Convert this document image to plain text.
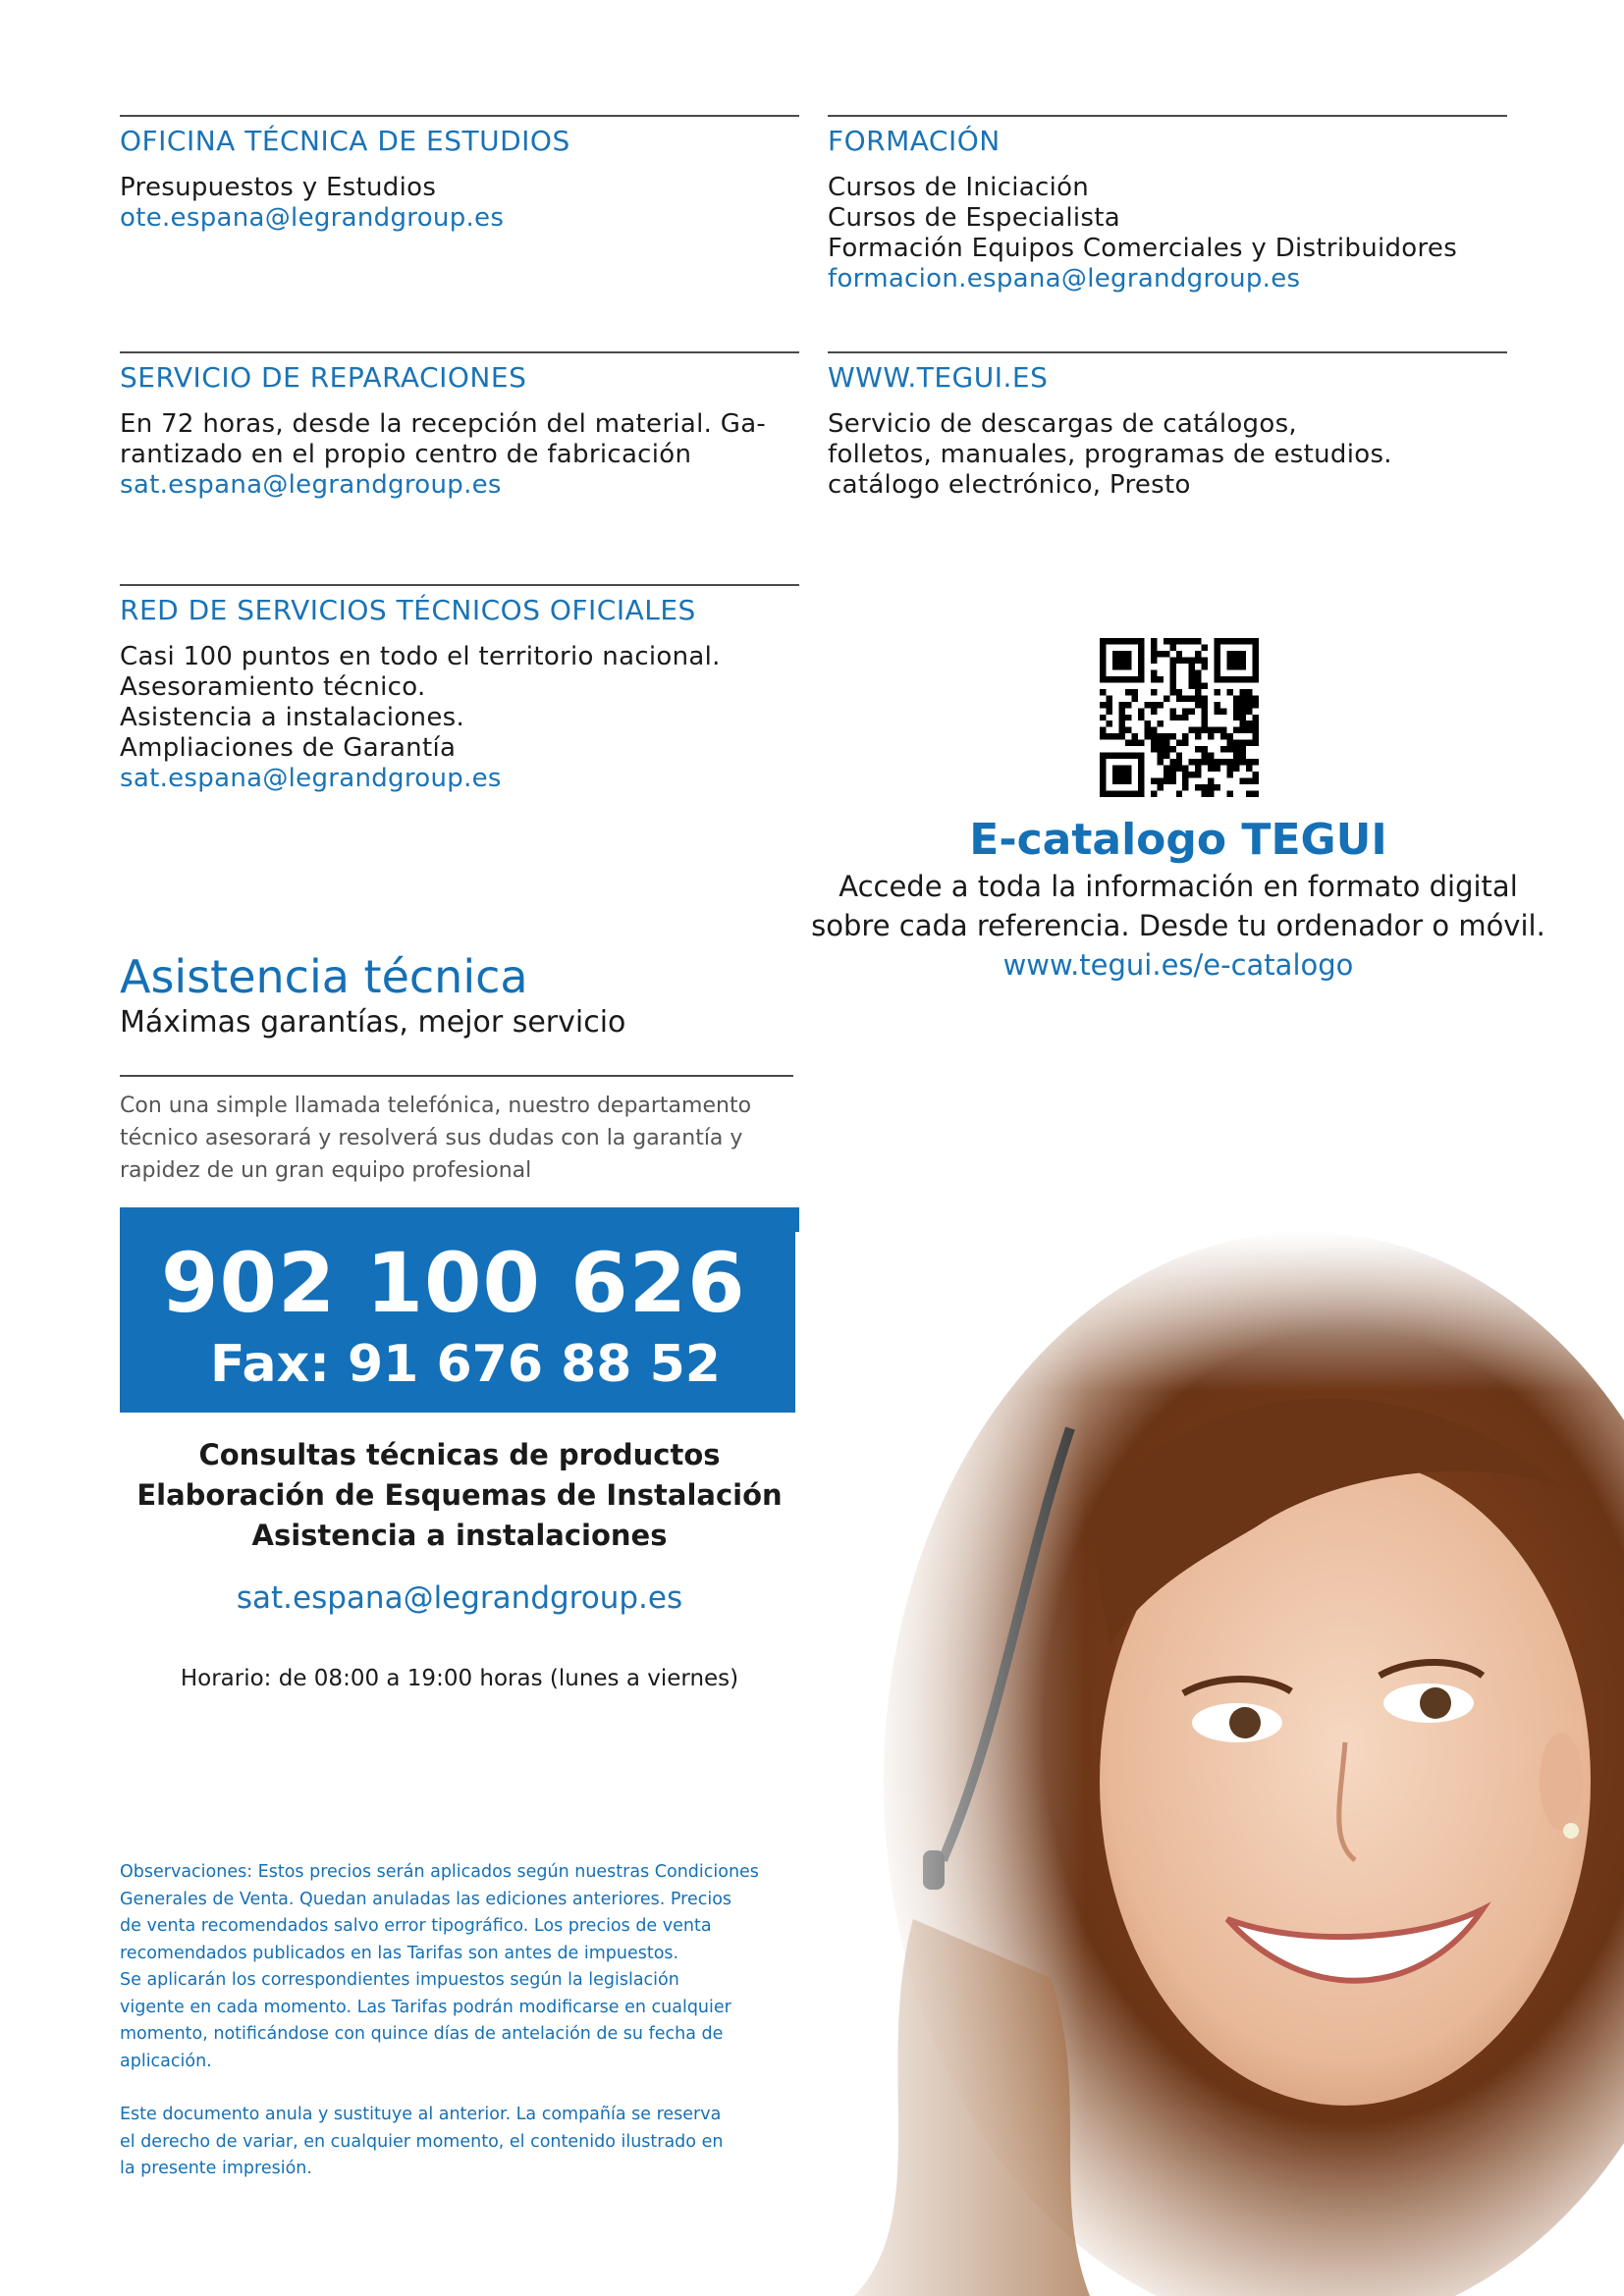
OFICINA TÉCNICA DE ESTUDIOS
Presupuestos y Estudios
ote.espana@legrandgroup.es
FORMACIÓN
Cursos de Iniciación
Cursos de Especialista
Formación Equipos Comerciales y Distribuidores
formacion.espana@legrandgroup.es
SERVICIO DE REPARACIONES
En 72 horas, desde la recepción del material. Ga-
rantizado en el propio centro de fabricación
sat.espana@legrandgroup.es
WWW.TEGUI.ES
Servicio de descargas de catálogos,
folletos, manuales, programas de estudios.
catálogo electrónico, Presto
RED DE SERVICIOS TÉCNICOS OFICIALES
Casi 100 puntos en todo el territorio nacional.
Asesoramiento técnico.
Asistencia a instalaciones.
Ampliaciones de Garantía
sat.espana@legrandgroup.es
E-catalogo TEGUI
Accede a toda la información en formato digital
sobre cada referencia. Desde tu ordenador o móvil.
www.tegui.es/e-catalogo
Asistencia técnica
Máximas garantías, mejor servicio
Con una simple llamada telefónica, nuestro departamento
técnico asesorará y resolverá sus dudas con la garantía y
rapidez de un gran equipo profesional
902 100 626
Fax: 91 676 88 52
Consultas técnicas de productos
Elaboración de Esquemas de Instalación
Asistencia a instalaciones
sat.espana@legrandgroup.es
Horario: de 08:00 a 19:00 horas (lunes a viernes)
Observaciones: Estos precios serán aplicados según nuestras Condiciones
Generales de Venta. Quedan anuladas las ediciones anteriores. Precios
de venta recomendados salvo error tipográfico. Los precios de venta
recomendados publicados en las Tarifas son antes de impuestos.
Se aplicarán los correspondientes impuestos según la legislación
vigente en cada momento. Las Tarifas podrán modificarse en cualquier
momento, notificándose con quince días de antelación de su fecha de
aplicación.
Este documento anula y sustituye al anterior. La compañía se reserva
el derecho de variar, en cualquier momento, el contenido ilustrado en
la presente impresión.
